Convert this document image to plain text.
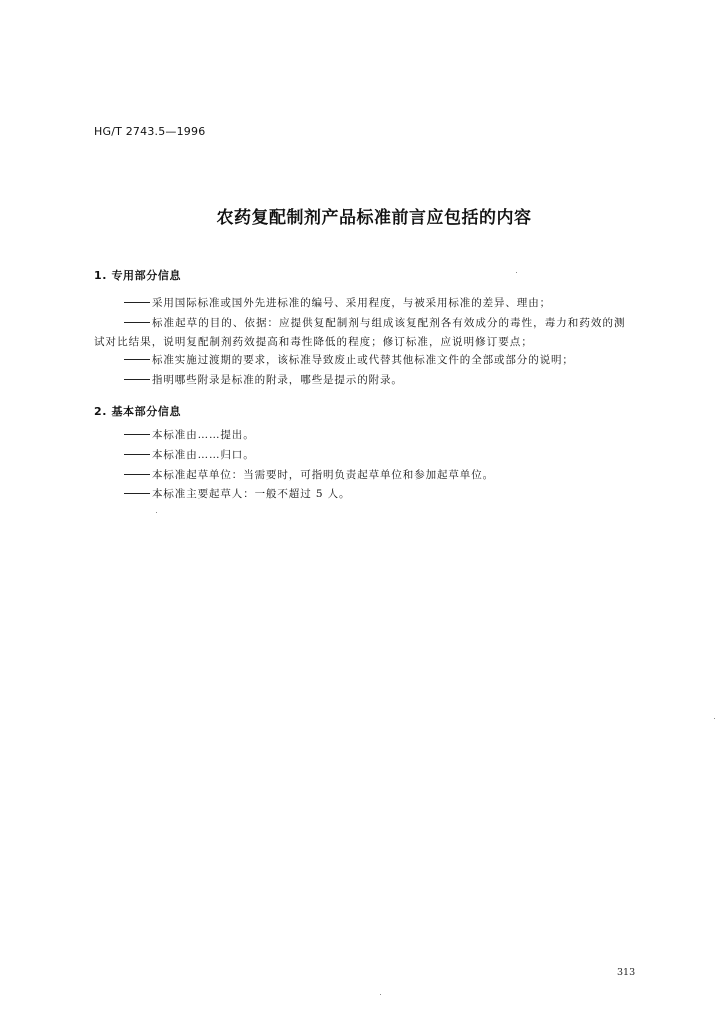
HG/T 2743.5—1996
农药复配制剂产品标准前言应包括的内容
1. 专用部分信息
采用国际标准或国外先进标准的编号、采用程度，与被采用标准的差异、理由；
标准起草的目的、依据：应提供复配制剂与组成该复配剂各有效成分的毒性，毒力和药效的测
试对比结果，说明复配制剂药效提高和毒性降低的程度；修订标准，应说明修订要点；
标准实施过渡期的要求，该标准导致废止或代替其他标准文件的全部或部分的说明；
指明哪些附录是标准的附录，哪些是提示的附录。
2. 基本部分信息
本标准由……提出。
本标准由……归口。
本标准起草单位：当需要时，可指明负责起草单位和参加起草单位。
本标准主要起草人：一般不超过 5 人。
313
